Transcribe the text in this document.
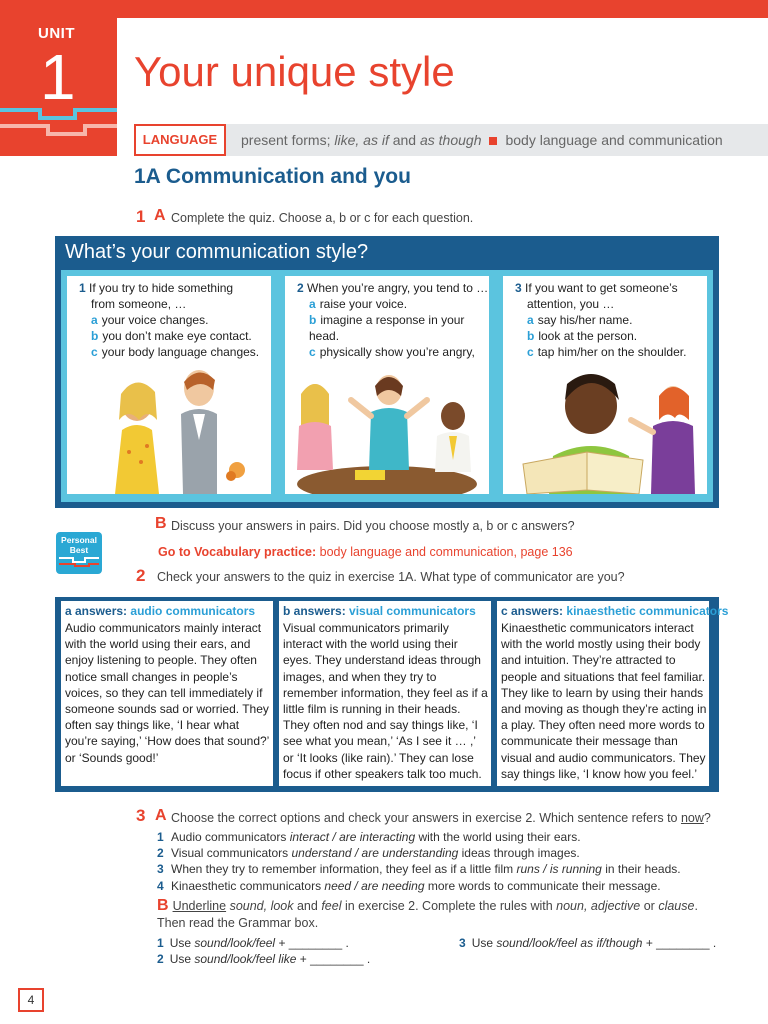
UNIT
1 Your unique style
LANGUAGE	present forms; like, as if and as though body language and communication
1A Communication and you
1 A Complete the quiz. Choose a, b or c for each question.
What’s your communication style?
1 If you try to hide something
from someone, …
a your voice changes.
b you don’t make eye contact.
c your body language changes.
2 When you’re angry, you tend to …
a raise your voice.
b imagine a response in your head.
c physically show you’re angry,
3 If you want to get someone’s
attention, you …
a say his/her name.
b look at the person.
c tap him/her on the shoulder.
B Discuss your answers in pairs. Did you choose mostly a, b or c answers?
Personal
Best	Go to Vocabulary practice: body language and communication, page 136
2 Check your answers to the quiz in exercise 1A. What type of communicator are you?
a answers: audio communicators
Audio communicators mainly interact with the world using their ears, and enjoy listening to people. They often notice small changes in people’s voices, so they can tell immediately if someone sounds sad or worried. They often say things like, ‘I hear what you’re saying,’ ‘How does that sound?’ or ‘Sounds good!’
b answers: visual communicators
Visual communicators primarily interact with the world using their eyes. They understand ideas through images, and when they try to remember information, they feel as if a little film is running in their heads. They often nod and say things like, ‘I see what you mean,’ ‘As I see it … ,’ or ‘It looks (like rain).’ They can lose focus if other speakers talk too much.
c answers: kinaesthetic communicators
Kinaesthetic communicators interact with the world mostly using their body and intuition. They’re attracted to people and situations that feel familiar. They like to learn by using their hands and moving as though they’re acting in a play. They often need more words to communicate their message than visual and audio communicators. They say things like, ‘I know how you feel.’
3 A Choose the correct options and check your answers in exercise 2. Which sentence refers to now?
1 Audio communicators interact / are interacting with the world using their ears.
2 Visual communicators understand / are understanding ideas through images.
3 When they try to remember information, they feel as if a little film runs / is running in their heads.
4 Kinaesthetic communicators need / are needing more words to communicate their message.
B Underline sound, look and feel in exercise 2. Complete the rules with noun, adjective or clause. Then read the Grammar box.
1 Use sound/look/feel + ________ .
2 Use sound/look/feel like + ________ .
3 Use sound/look/feel as if/though + ________ .
4
